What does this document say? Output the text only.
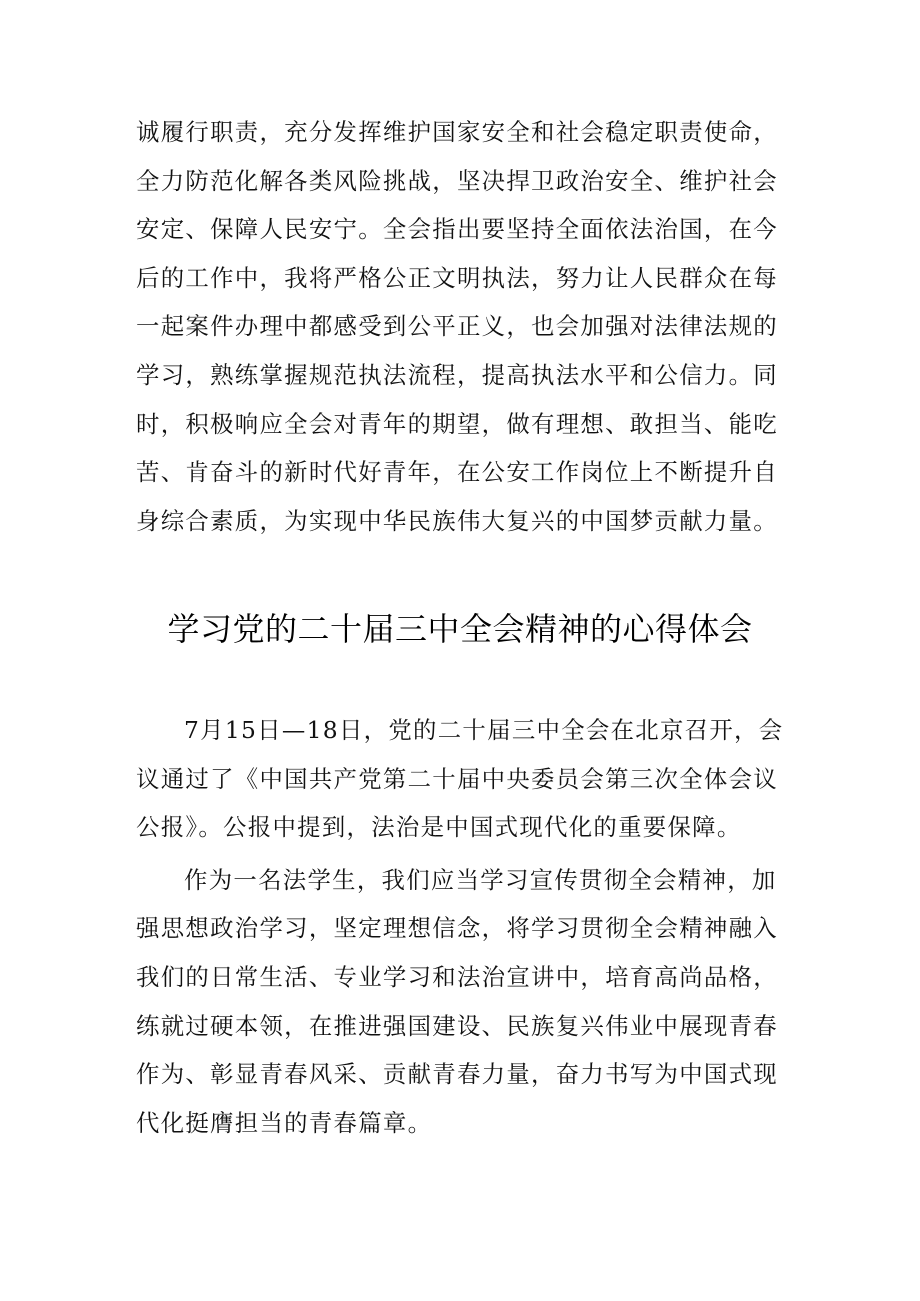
诚履行职责，充分发挥维护国家安全和社会稳定职责使命，全力防范化解各类风险挑战，坚决捍卫政治安全、维护社会安定、保障人民安宁。全会指出要坚持全面依法治国，在今后的工作中，我将严格公正文明执法，努力让人民群众在每一起案件办理中都感受到公平正义，也会加强对法律法规的学习，熟练掌握规范执法流程，提高执法水平和公信力。同时，积极响应全会对青年的期望，做有理想、敢担当、能吃苦、肯奋斗的新时代好青年，在公安工作岗位上不断提升自身综合素质，为实现中华民族伟大复兴的中国梦贡献力量。

学习党的二十届三中全会精神的心得体会

7月15日—18日，党的二十届三中全会在北京召开，会议通过了《中国共产党第二十届中央委员会第三次全体会议公报》。公报中提到，法治是中国式现代化的重要保障。

作为一名法学生，我们应当学习宣传贯彻全会精神，加强思想政治学习，坚定理想信念，将学习贯彻全会精神融入我们的日常生活、专业学习和法治宣讲中，培育高尚品格，练就过硬本领，在推进强国建设、民族复兴伟业中展现青春作为、彰显青春风采、贡献青春力量，奋力书写为中国式现代化挺膺担当的青春篇章。
